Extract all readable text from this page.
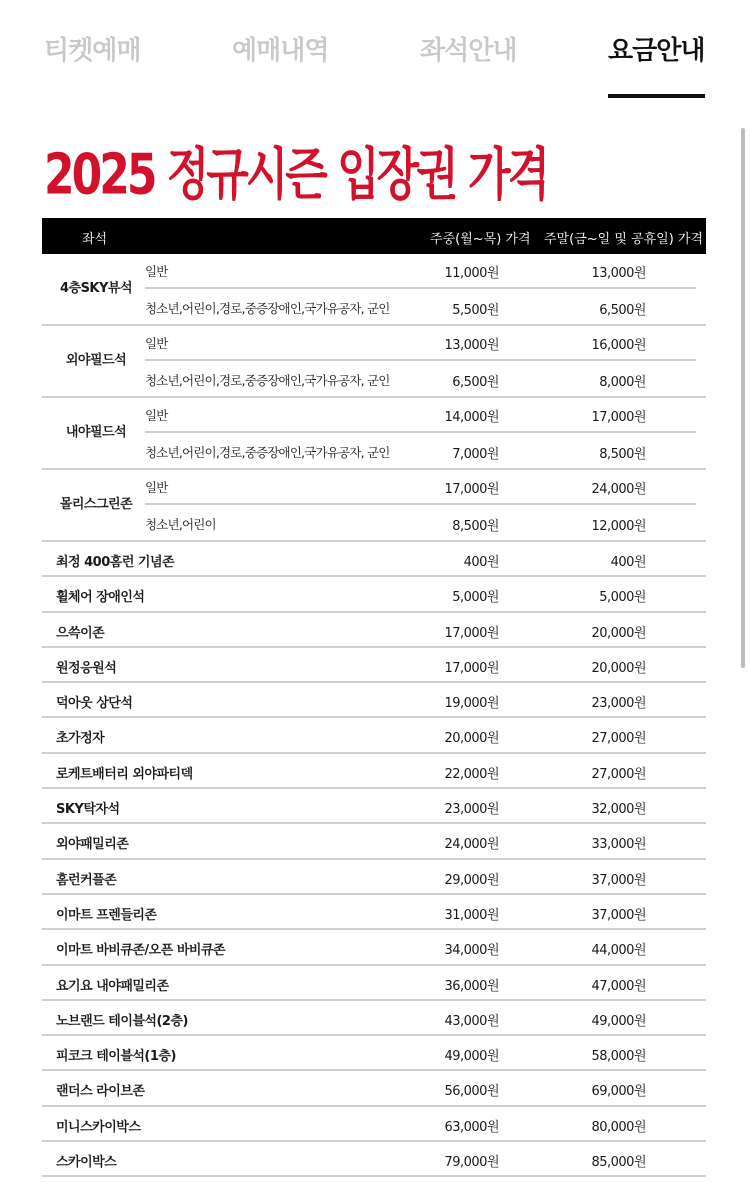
티켓예매	예매내역	좌석안내	요금안내
2025 정규시즌 입장권 가격
좌석	주중(월~목) 가격 주말(금~일 및 공휴일) 가격
4층 SKY뷰석
일반	11,000원	13,000원
청소년,어린이,경로,중증장애인,국가유공자, 군인	5,500원	6,500원
외야 필드석
일반	13,000원	16,000원
청소년,어린이,경로,중증장애인,국가유공자, 군인	6,500원	8,000원
내야 필드석
일반	14,000원	17,000원
청소년,어린이,경로,중증장애인,국가유공자, 군인	7,000원	8,500원
몰리스 그린존
일반	17,000원	24,000원
청소년,어린이	8,500원	12,000원
최정 400홈런 기념존	400원	400원
휠체어 장애인석	5,000원	5,000원
으쓱이존	17,000원	20,000원
원정응원석	17,000원	20,000원
덕아웃 상단석	19,000원	23,000원
초가정자	20,000원	27,000원
로케트배터리 외야파티덱	22,000원	27,000원
SKY탁자석	23,000원	32,000원
외야패밀리존	24,000원	33,000원
홈런커플존	29,000원	37,000원
이마트 프렌들리존	31,000원	37,000원
이마트 바비큐존/오픈 바비큐존	34,000원	44,000원
요기요 내야패밀리존	36,000원	47,000원
노브랜드 테이블석(2층)	43,000원	49,000원
피코크 테이블석(1층)	49,000원	58,000원
랜더스 라이브존	56,000원	69,000원
미니스카이박스	63,000원	80,000원
스카이박스	79,000원	85,000원
